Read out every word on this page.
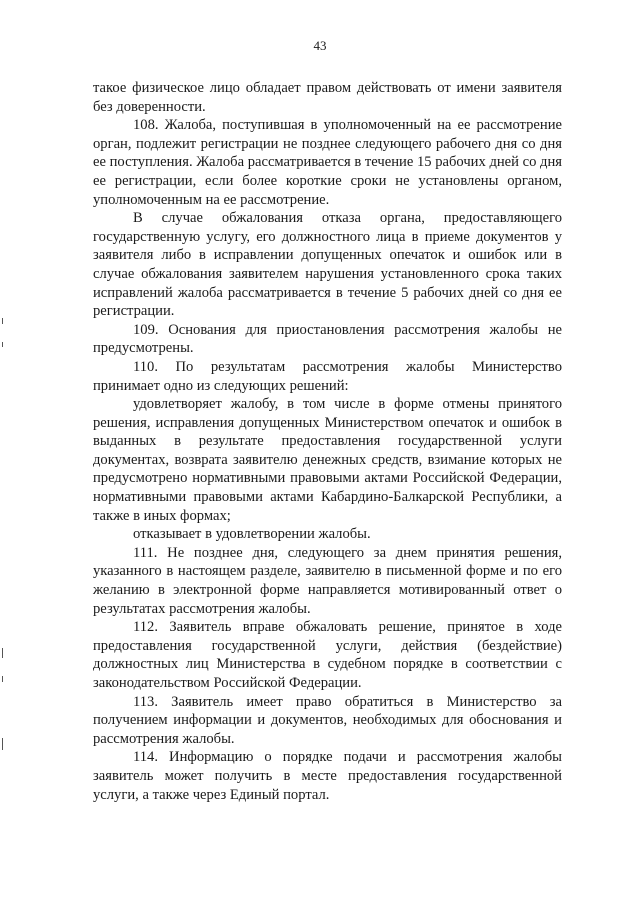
43

такое физическое лицо обладает правом действовать от имени заявителя без доверенности.

108. Жалоба, поступившая в уполномоченный на ее рассмотрение орган, подлежит регистрации не позднее следующего рабочего дня со дня ее поступления. Жалоба рассматривается в течение 15 рабочих дней со дня ее регистрации, если более короткие сроки не установлены органом, уполномоченным на ее рассмотрение.

В случае обжалования отказа органа, предоставляющего государственную услугу, его должностного лица в приеме документов у заявителя либо в исправлении допущенных опечаток и ошибок или в случае обжалования заявителем нарушения установленного срока таких исправлений жалоба рассматривается в течение 5 рабочих дней со дня ее регистрации.

109. Основания для приостановления рассмотрения жалобы не предусмотрены.

110. По результатам рассмотрения жалобы Министерство принимает одно из следующих решений:

удовлетворяет жалобу, в том числе в форме отмены принятого решения, исправления допущенных Министерством опечаток и ошибок в выданных в результате предоставления государственной услуги документах, возврата заявителю денежных средств, взимание которых не предусмотрено нормативными правовыми актами Российской Федерации, нормативными правовыми актами Кабардино-Балкарской Республики, а также в иных формах;

отказывает в удовлетворении жалобы.

111. Не позднее дня, следующего за днем принятия решения, указанного в настоящем разделе, заявителю в письменной форме и по его желанию в электронной форме направляется мотивированный ответ о результатах рассмотрения жалобы.

112. Заявитель вправе обжаловать решение, принятое в ходе предоставления государственной услуги, действия (бездействие) должностных лиц Министерства в судебном порядке в соответствии с законодательством Российской Федерации.

113. Заявитель имеет право обратиться в Министерство за получением информации и документов, необходимых для обоснования и рассмотрения жалобы.

114. Информацию о порядке подачи и рассмотрения жалобы заявитель может получить в месте предоставления государственной услуги, а также через Единый портал.
